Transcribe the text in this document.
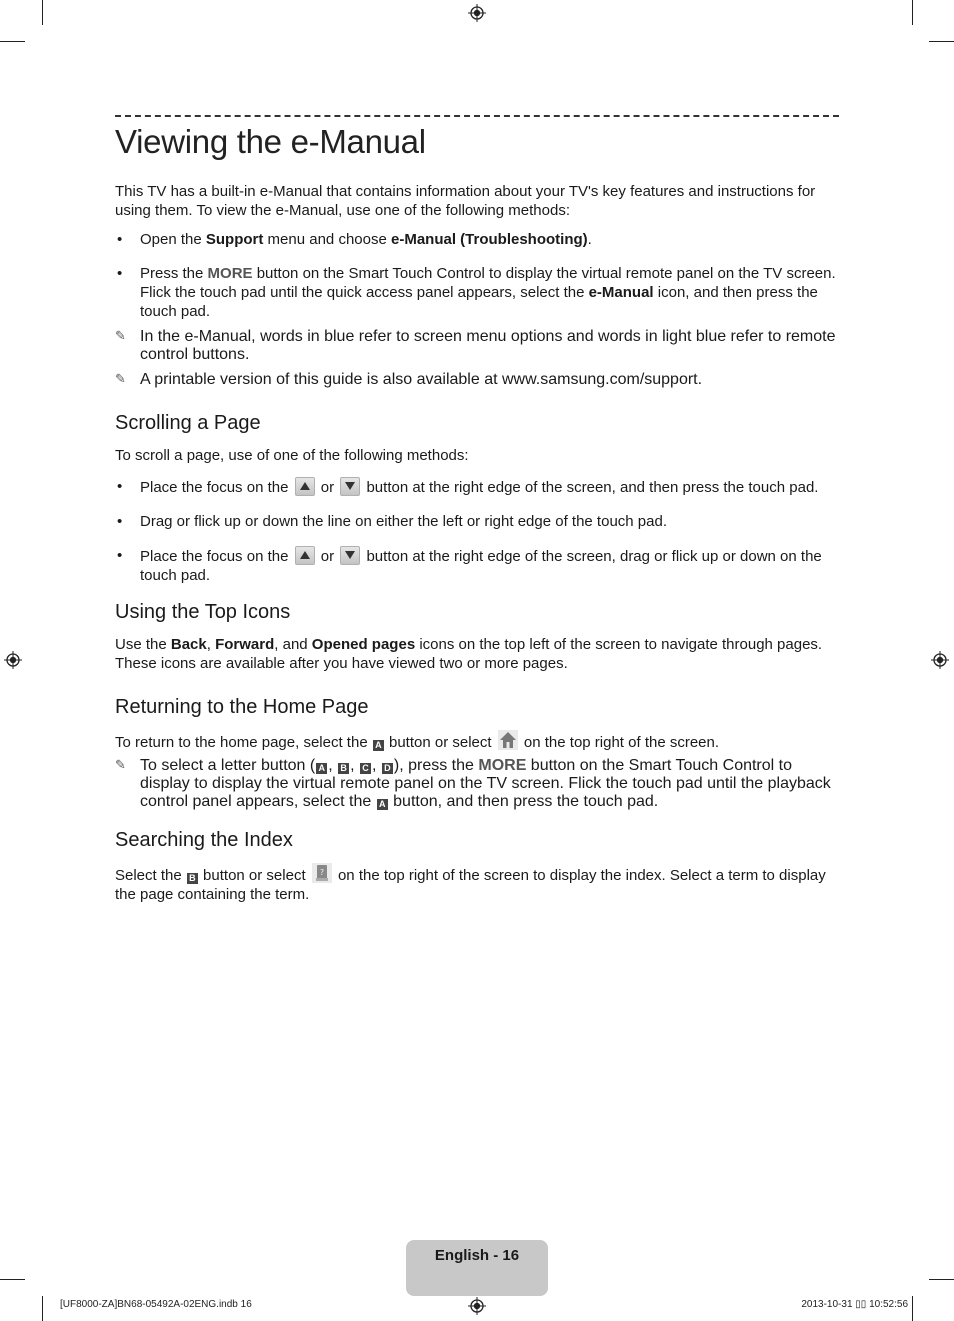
Viewing the e-Manual

This TV has a built-in e-Manual that contains information about your TV's key features and instructions for using them. To view the e-Manual, use one of the following methods:

• Open the Support menu and choose e-Manual (Troubleshooting).
• Press the MORE button on the Smart Touch Control to display the virtual remote panel on the TV screen. Flick the touch pad until the quick access panel appears, select the e-Manual icon, and then press the touch pad.
✎ In the e-Manual, words in blue refer to screen menu options and words in light blue refer to remote control buttons.
✎ A printable version of this guide is also available at www.samsung.com/support.
Scrolling a Page

To scroll a page, use of one of the following methods:

• Place the focus on the
or
button at the right edge of the screen, and then press the touch pad.
• Drag or flick up or down the line on either the left or right edge of the touch pad.
• Place the focus on the
or
button at the right edge of the screen, drag or flick up or down on the touch pad.
Using the Top Icons

Use the Back, Forward, and Opened pages icons on the top left of the screen to navigate through pages. These icons are available after you have viewed two or more pages.

Returning to the Home Page

To return to the home page, select the A button or select  on the top right of the screen.

✎ To select a letter button ( A , B , C , D ), press the MORE button on the Smart Touch Control to display to display the virtual remote panel on the TV screen. Flick the touch pad until the playback control panel appears, select the A button, and then press the touch pad.
Searching the Index

Select the B button or select ? on the top right of the screen to display the index. Select a term to display the page containing the term.

English - 16
[UF8000-ZA]BN68-05492A-02ENG.indb 16	2013-10-31 ▯▯ 10:52:56
